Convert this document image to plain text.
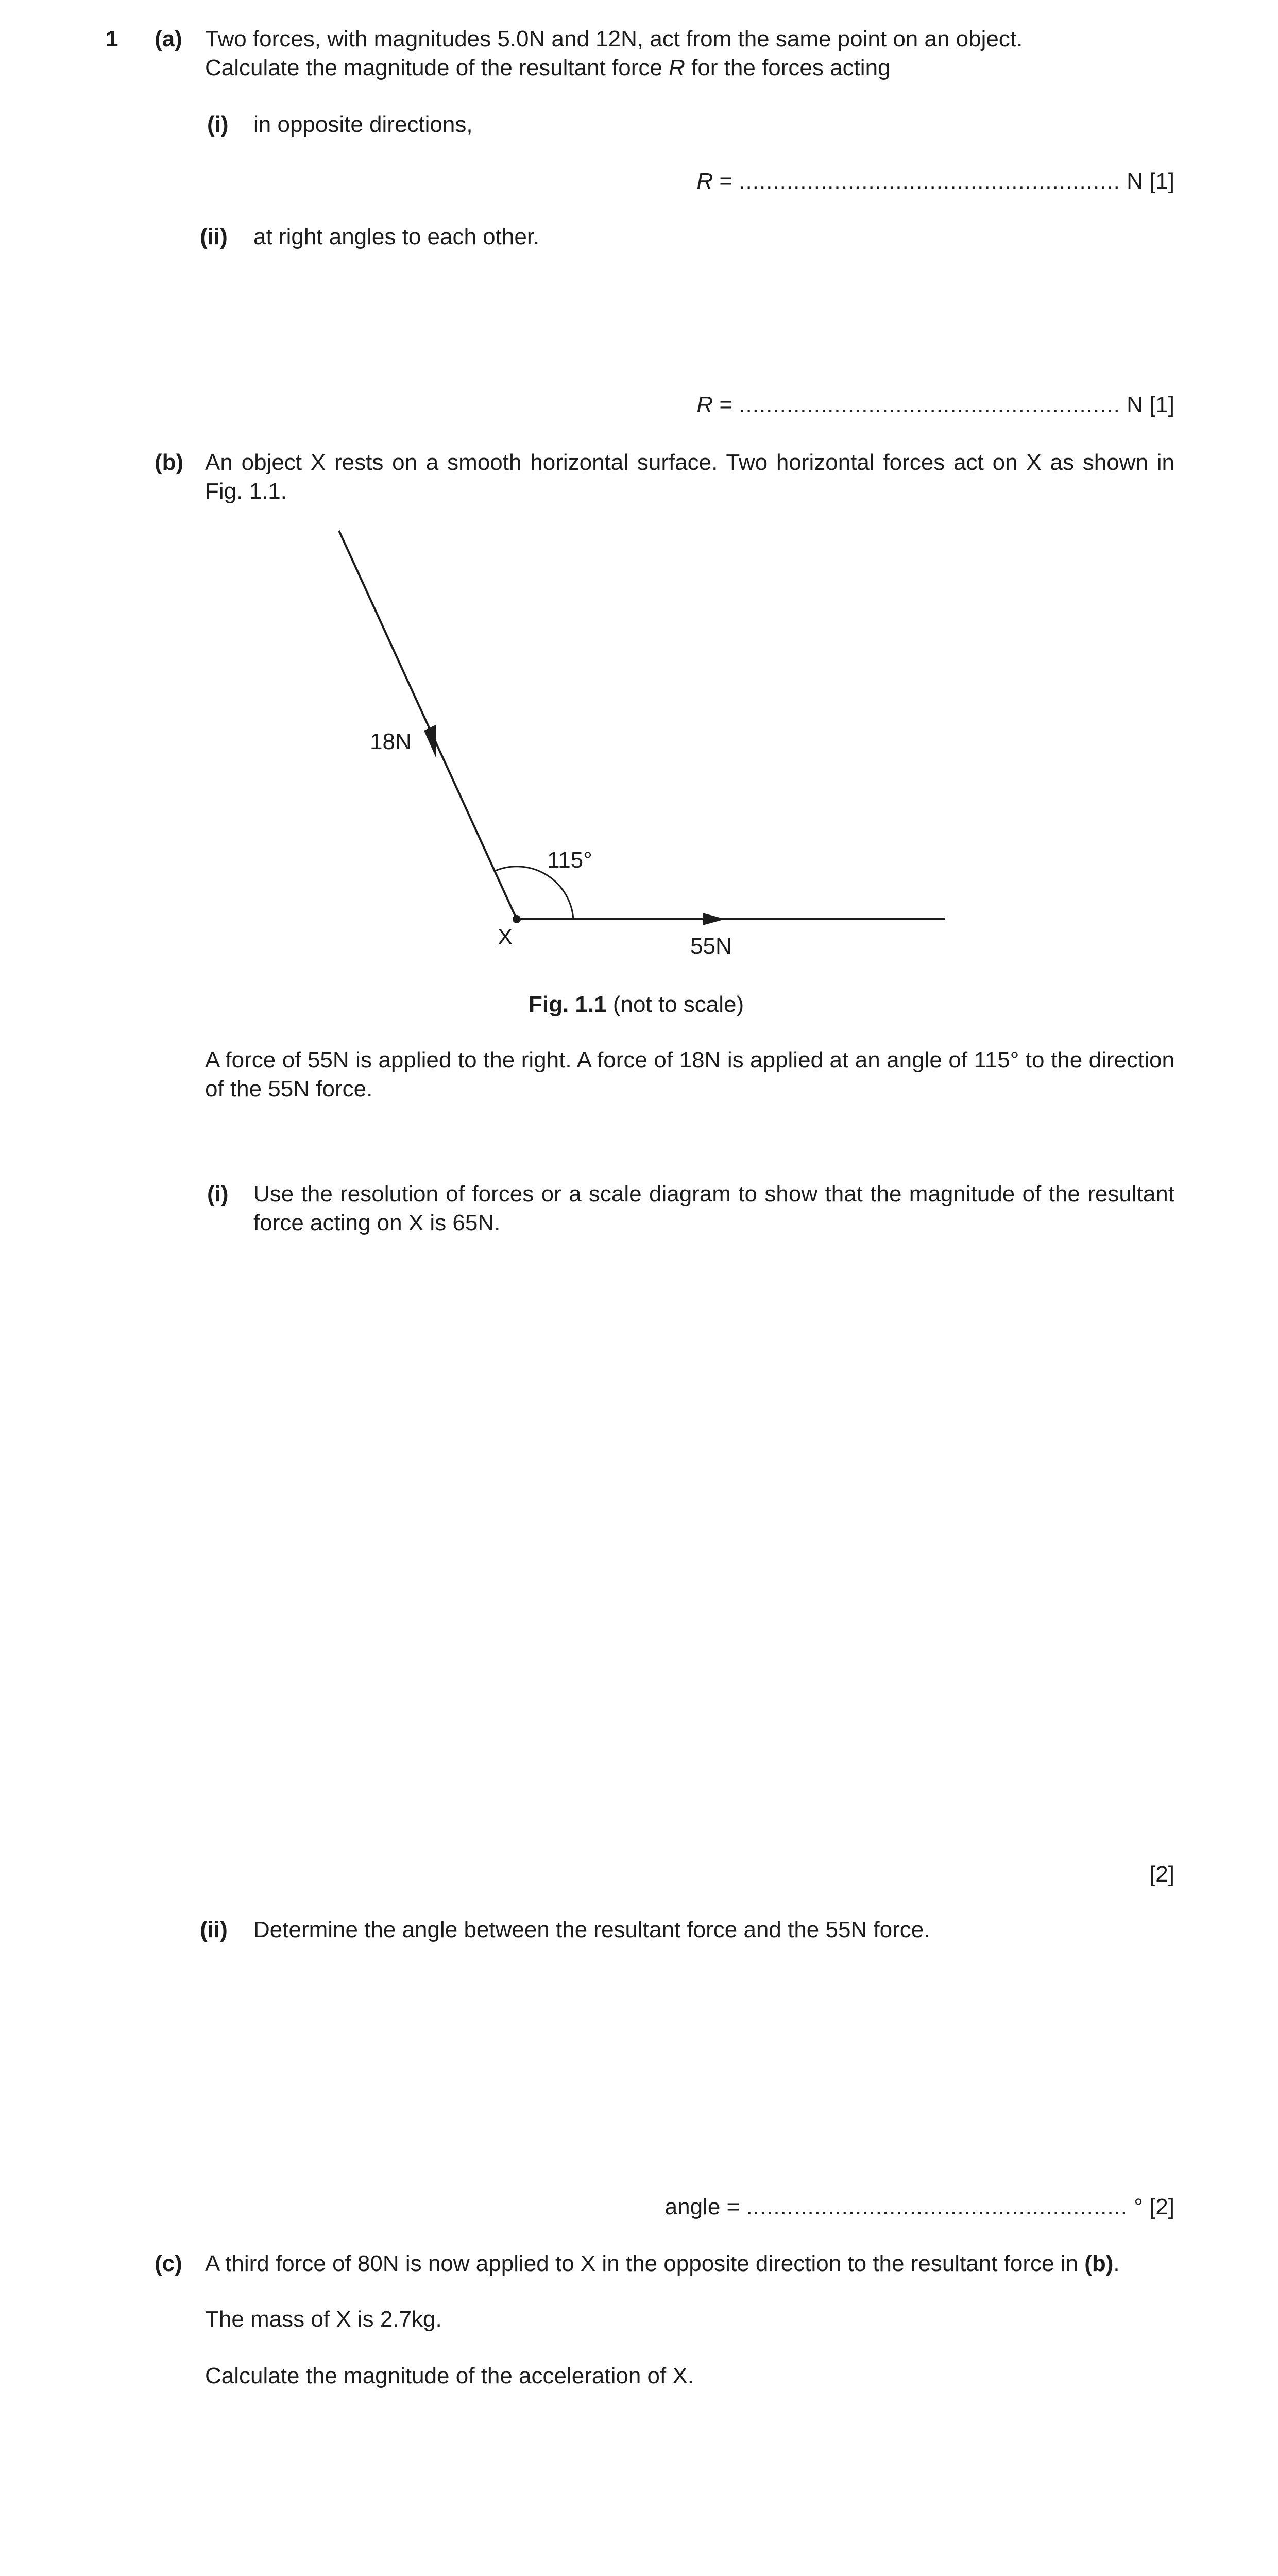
1 (a) Two forces, with magnitudes 5.0N and 12N, act from the same point on an object.
Calculate the magnitude of the resultant force R for the forces acting
(i) in opposite directions,
R = ........................................................ N [1]
(ii) at right angles to each other.
R = ........................................................ N [1]
(b) An object X rests on a smooth horizontal surface. Two horizontal forces act on X as shown in Fig. 1.1.
18N
115°
X	55N
Fig. 1.1 (not to scale)
A force of 55N is applied to the right. A force of 18N is applied at an angle of 115° to the direction of the 55N force.
(i) Use the resolution of forces or a scale diagram to show that the magnitude of the resultant force acting on X is 65N.
[2]
(ii) Determine the angle between the resultant force and the 55N force.
angle = ........................................................ ° [2]
(c) A third force of 80N is now applied to X in the opposite direction to the resultant force in (b).
The mass of X is 2.7kg.
Calculate the magnitude of the acceleration of X.
